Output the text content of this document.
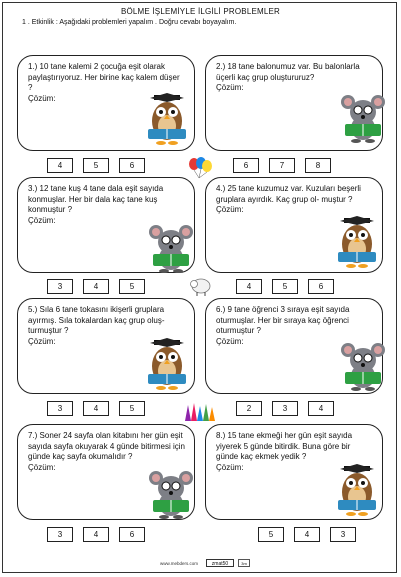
BÖLME İŞLEMİYLE İLGİLİ PROBLEMLER
1 . Etkinlik : Aşağıdaki problemleri yapalım . Doğru cevabı boyayalım.
1.) 10 tane kalemi 2 çocuğa eşit olarak paylaştırıyoruz. Her birine kaç kalem düşer ?
Çözüm:
4	5	6
2.) 18 tane balonumuz var. Bu balonlarla üçerli kaç grup oluştururuz?
Çözüm:
6	7	8
3.) 12 tane kuş 4 tane dala eşit sayıda konmuşlar. Her bir dala kaç tane kuş konmuştur ?
Çözüm:
3	4	5
4.) 25 tane kuzumuz var. Kuzuları beşerli gruplara ayırdık. Kaç grup ol- muştur ?
Çözüm:
4	5	6
5.) Sıla 6 tane tokasını ikişerli gruplara ayırmış. Sıla tokalardan kaç grup oluş- turmuştur ?
Çözüm:
3	4	5
6.) 9 tane öğrenci 3 sıraya eşit sayıda oturmuşlar. Her bir sıraya kaç öğrenci oturmuştur ?
Çözüm:
2	3	4
7.) Soner 24 sayfa olan kitabını her gün eşit sayıda sayfa okuyarak 4 günde bitirmesi için günde kaç sayfa okumalıdır ?
Çözüm:
3	4	6
8.) 15 tane ekmeği her gün eşit sayıda yiyerek 5 günde bitirdik. Buna göre bir günde kaç ekmek yedik ?
Çözüm:
5	4	3
www.mebders.com	zmat50	3m
